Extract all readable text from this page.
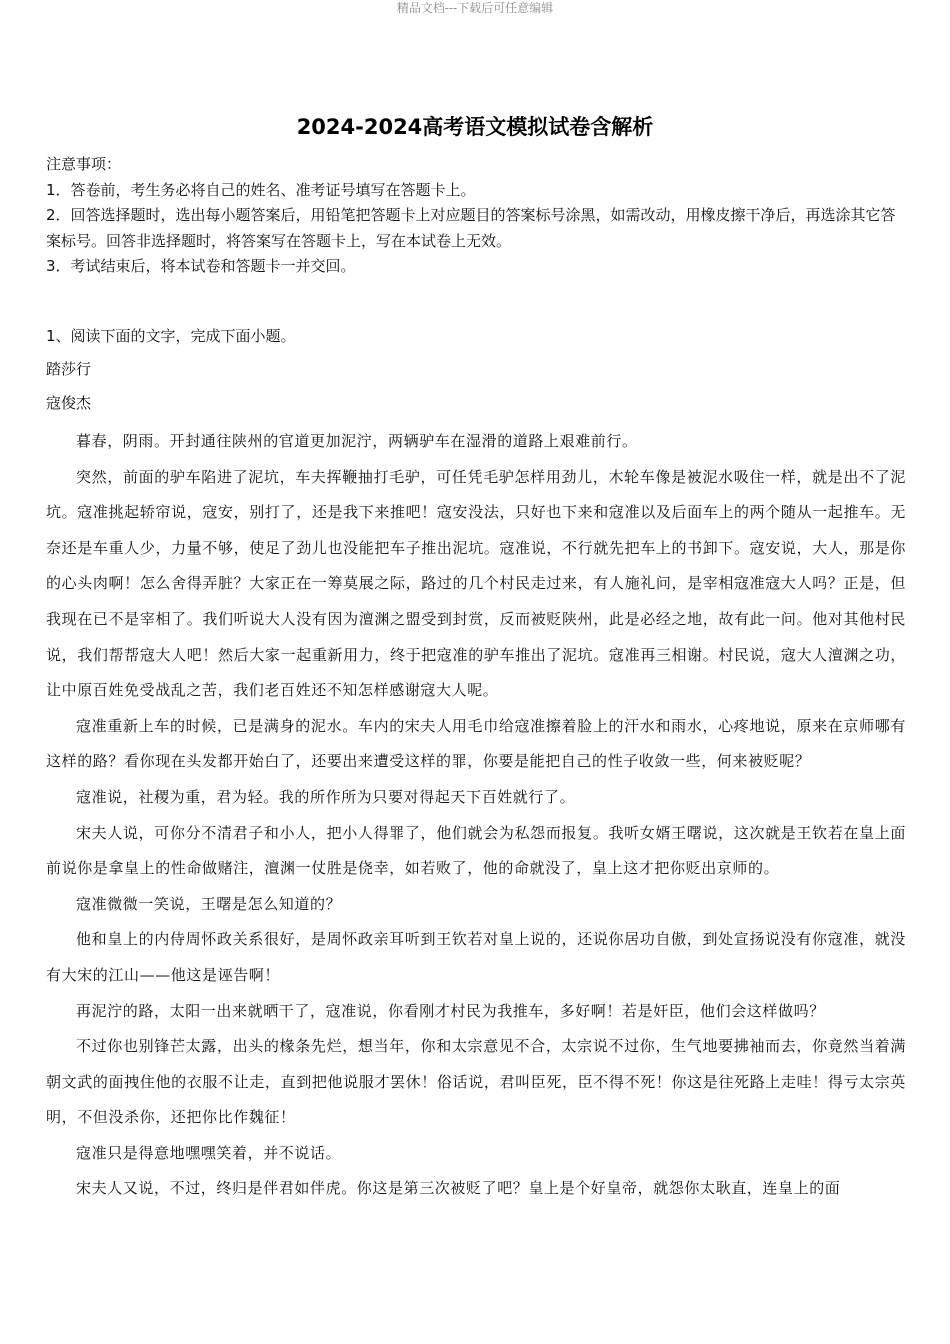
精品文档---下载后可任意编辑
2024-2024高考语文模拟试卷含解析

注意事项：

1．答卷前，考生务必将自己的姓名、准考证号填写在答题卡上。

2．回答选择题时，选出每小题答案后，用铅笔把答题卡上对应题目的答案标号涂黑，如需改动，用橡皮擦干净后，再选涂其它答案标号。回答非选择题时，将答案写在答题卡上，写在本试卷上无效。

3．考试结束后，将本试卷和答题卡一并交回。

1、阅读下面的文字，完成下面小题。
踏莎行
寇俊杰

暮春，阴雨。开封通往陕州的官道更加泥泞，两辆驴车在湿滑的道路上艰难前行。

突然，前面的驴车陷进了泥坑，车夫挥鞭抽打毛驴，可任凭毛驴怎样用劲儿，木轮车像是被泥水吸住一样，就是出不了泥坑。寇准挑起轿帘说，寇安，别打了，还是我下来推吧！寇安没法，只好也下来和寇准以及后面车上的两个随从一起推车。无奈还是车重人少，力量不够，使足了劲儿也没能把车子推出泥坑。寇准说，不行就先把车上的书卸下。寇安说，大人，那是你的心头肉啊！怎么舍得弄脏？大家正在一筹莫展之际，路过的几个村民走过来，有人施礼问，是宰相寇准寇大人吗？正是，但我现在已不是宰相了。我们听说大人没有因为澶渊之盟受到封赏，反而被贬陕州，此是必经之地，故有此一问。他对其他村民说，我们帮帮寇大人吧！然后大家一起重新用力，终于把寇准的驴车推出了泥坑。寇准再三相谢。村民说，寇大人澶渊之功，让中原百姓免受战乱之苦，我们老百姓还不知怎样感谢寇大人呢。

寇准重新上车的时候，已是满身的泥水。车内的宋夫人用毛巾给寇准擦着脸上的汗水和雨水，心疼地说，原来在京师哪有这样的路？看你现在头发都开始白了，还要出来遭受这样的罪，你要是能把自己的性子收敛一些，何来被贬呢？

寇准说，社稷为重，君为轻。我的所作所为只要对得起天下百姓就行了。

宋夫人说，可你分不清君子和小人，把小人得罪了，他们就会为私怨而报复。我听女婿王曙说，这次就是王钦若在皇上面前说你是拿皇上的性命做赌注，澶渊一仗胜是侥幸，如若败了，他的命就没了，皇上这才把你贬出京师的。

寇准微微一笑说，王曙是怎么知道的？

他和皇上的内侍周怀政关系很好，是周怀政亲耳听到王钦若对皇上说的，还说你居功自傲，到处宣扬说没有你寇准，就没有大宋的江山——他这是诬告啊！

再泥泞的路，太阳一出来就晒干了，寇准说，你看刚才村民为我推车，多好啊！若是奸臣，他们会这样做吗？

不过你也别锋芒太露，出头的椽条先烂，想当年，你和太宗意见不合，太宗说不过你，生气地要拂袖而去，你竟然当着满朝文武的面拽住他的衣服不让走，直到把他说服才罢休！俗话说，君叫臣死，臣不得不死！你这是往死路上走哇！得亏太宗英明，不但没杀你，还把你比作魏征！

寇准只是得意地嘿嘿笑着，并不说话。

宋夫人又说，不过，终归是伴君如伴虎。你这是第三次被贬了吧？皇上是个好皇帝，就怨你太耿直，连皇上的面
